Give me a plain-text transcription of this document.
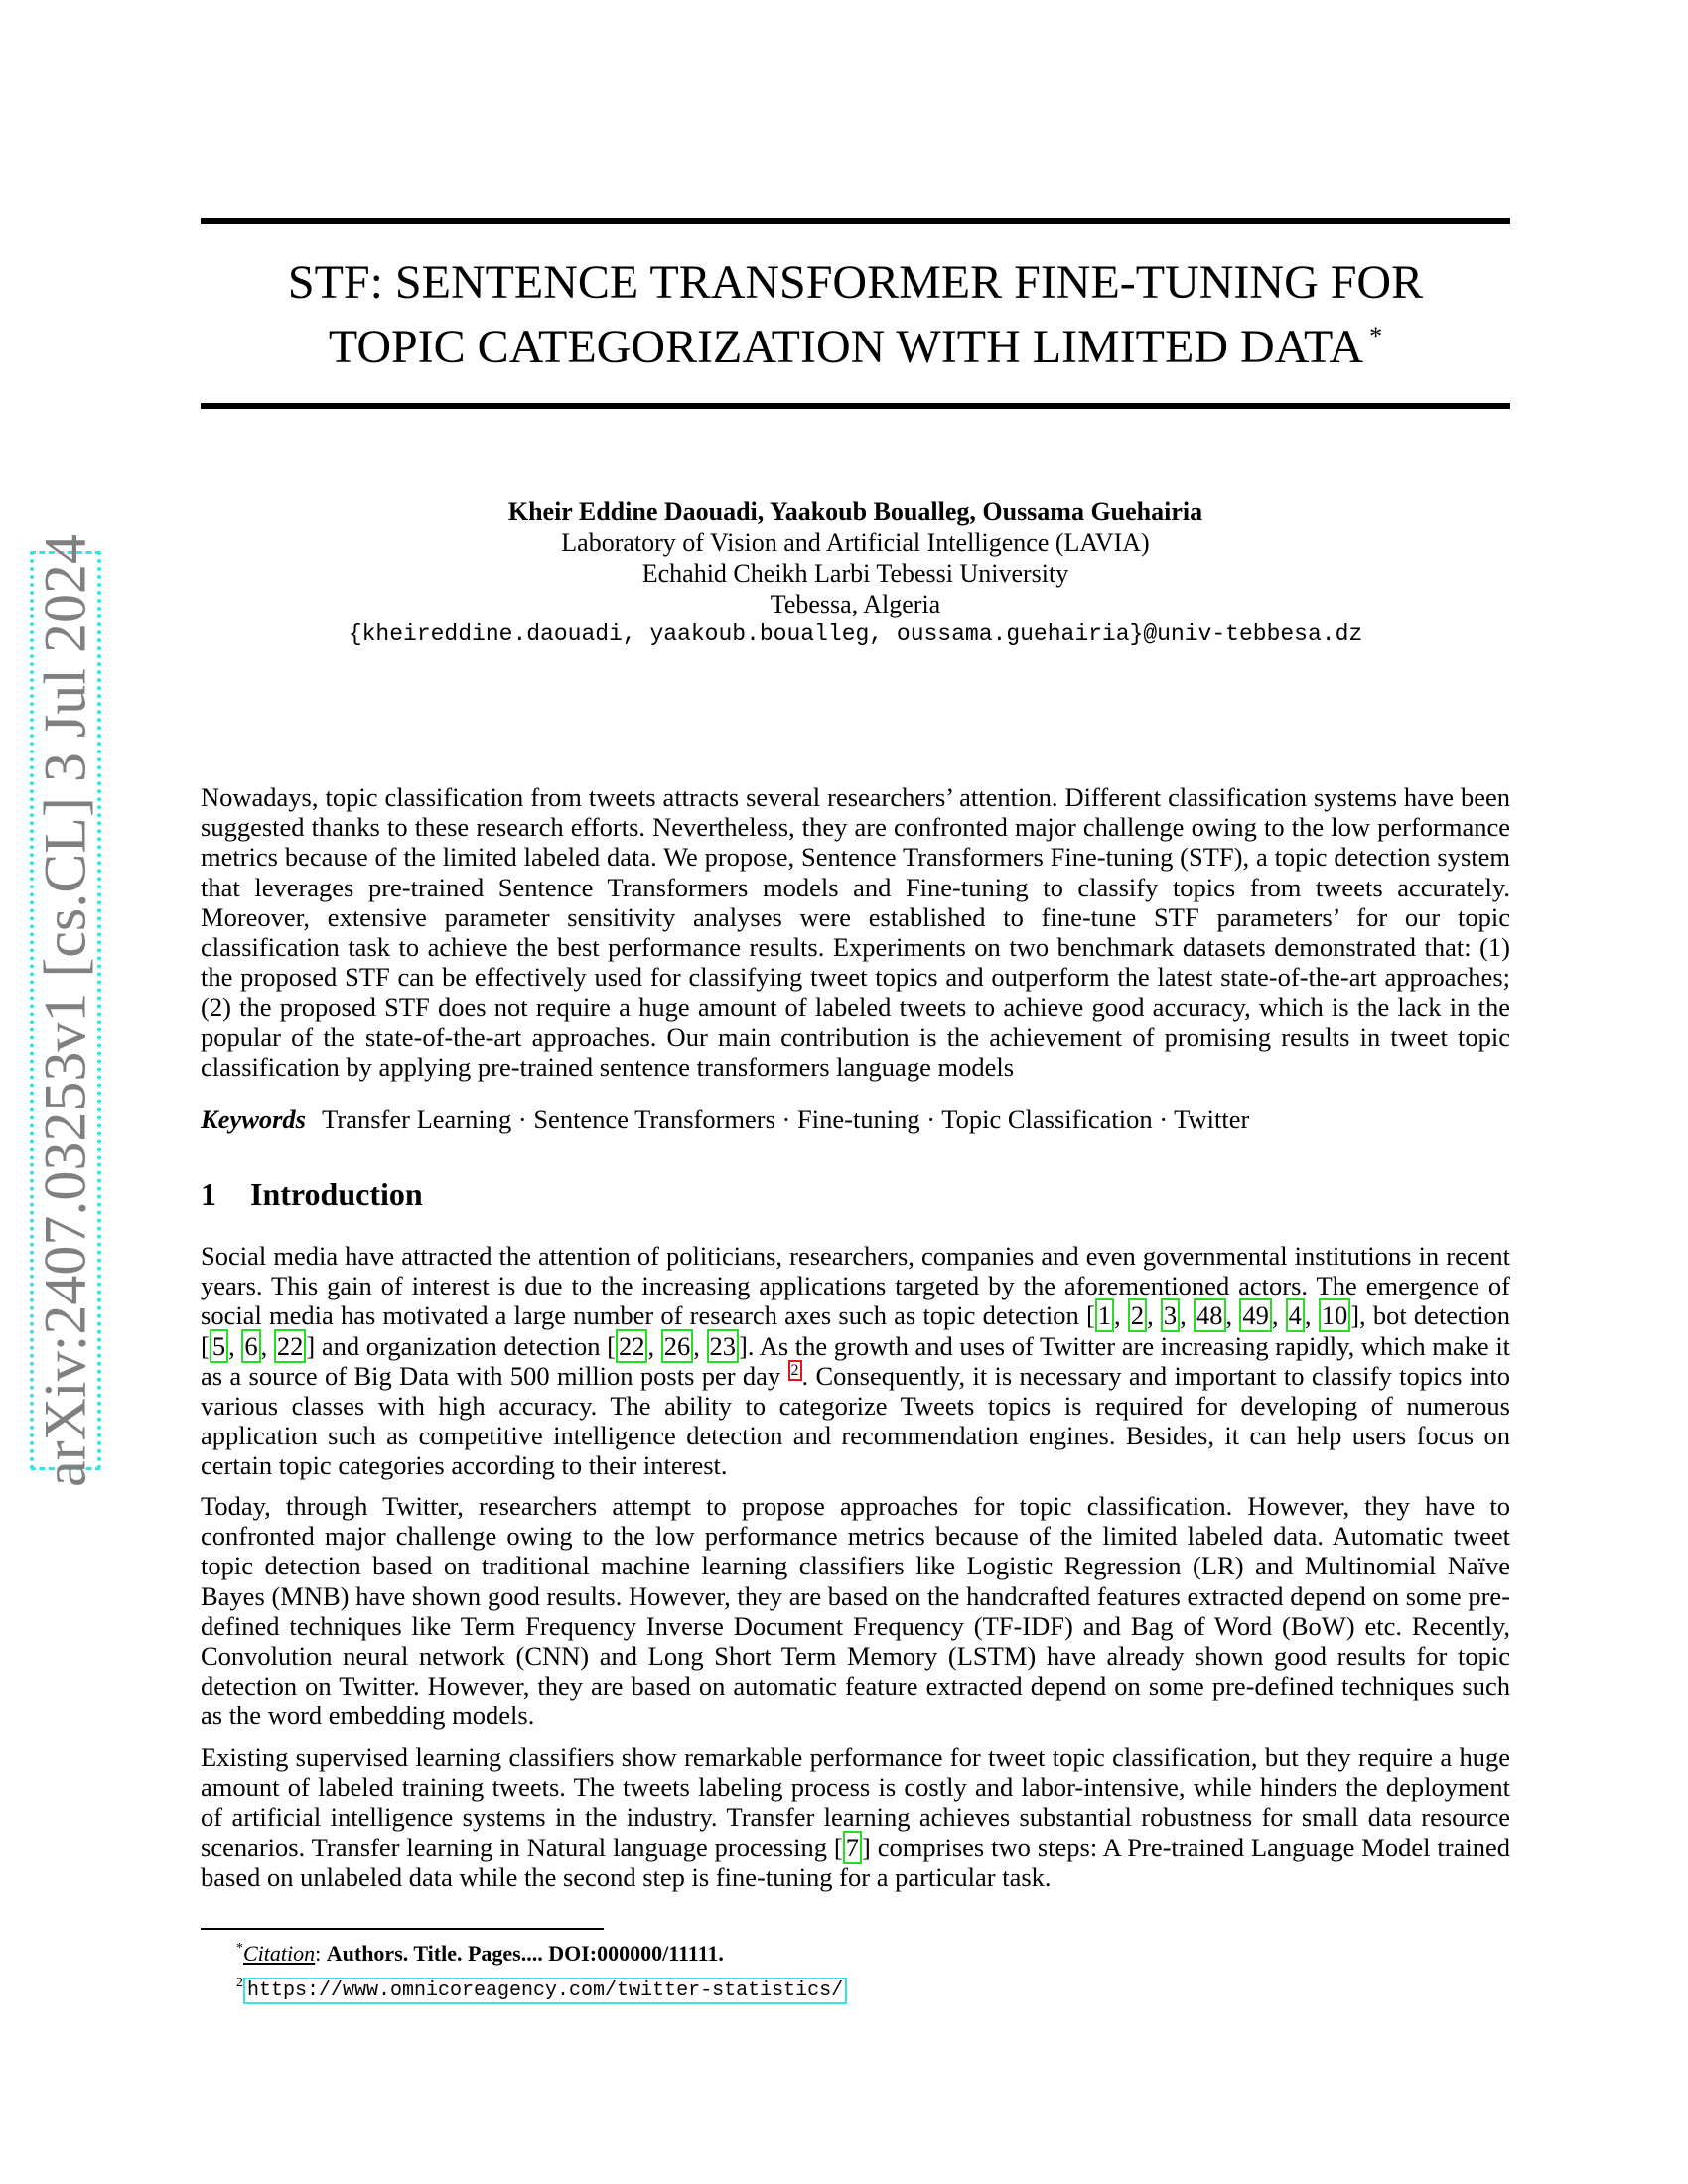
arXiv:2407.03253v1 [cs.CL] 3 Jul 2024
STF: SENTENCE TRANSFORMER FINE-TUNING FOR
TOPIC CATEGORIZATION WITH LIMITED DATA *
Kheir Eddine Daouadi, Yaakoub Boualleg, Oussama Guehairia
Laboratory of Vision and Artificial Intelligence (LAVIA)
Echahid Cheikh Larbi Tebessi University
Tebessa, Algeria
{kheireddine.daouadi, yaakoub.boualleg, oussama.guehairia}@univ-tebbesa.dz
Nowadays, topic classification from tweets attracts several researchers’ attention. Different classification systems have been suggested thanks to these research efforts. Nevertheless, they are confronted major challenge owing to the low performance metrics because of the limited labeled data. We propose, Sentence Transformers Fine-tuning (STF), a topic detection system that leverages pre-trained Sentence Transformers models and Fine-tuning to classify topics from tweets accurately. Moreover, extensive parameter sensitivity analyses were established to fine-tune STF parameters’ for our topic classification task to achieve the best performance results. Experiments on two benchmark datasets demonstrated that: (1) the proposed STF can be effectively used for classifying tweet topics and outperform the latest state-of-the-art approaches; (2) the proposed STF does not require a huge amount of labeled tweets to achieve good accuracy, which is the lack in the popular of the state-of-the-art approaches. Our main contribution is the achievement of promising results in tweet topic classification by applying pre-trained sentence transformers language models
Keywords Transfer Learning · Sentence Transformers · Fine-tuning · Topic Classification · Twitter
1 Introduction
Social media have attracted the attention of politicians, researchers, companies and even governmental institutions in recent years. This gain of interest is due to the increasing applications targeted by the aforementioned actors. The emergence of social media has motivated a large number of research axes such as topic detection [ 1 , 2 , 3 , 48 , 49 , 4 , 10 ], bot detection [ 5 , 6 , 22 ] and organization detection [ 22 , 26 , 23 ]. As the growth and uses of Twitter are increasing rapidly, which make it as a source of Big Data with 500 million posts per day $^2$ . Consequently, it is necessary and important to classify topics into various classes with high accuracy. The ability to categorize Tweets topics is required for developing of numerous application such as competitive intelligence detection and recommendation engines. Besides, it can help users focus on certain topic categories according to their interest.
Today, through Twitter, researchers attempt to propose approaches for topic classification. However, they have to confronted major challenge owing to the low performance metrics because of the limited labeled data. Automatic tweet topic detection based on traditional machine learning classifiers like Logistic Regression (LR) and Multinomial Naïve Bayes (MNB) have shown good results. However, they are based on the handcrafted features extracted depend on some pre-defined techniques like Term Frequency Inverse Document Frequency (TF-IDF) and Bag of Word (BoW) etc. Recently, Convolution neural network (CNN) and Long Short Term Memory (LSTM) have already shown good results for topic detection on Twitter. However, they are based on automatic feature extracted depend on some pre-defined techniques such as the word embedding models.
Existing supervised learning classifiers show remarkable performance for tweet topic classification, but they require a huge amount of labeled training tweets. The tweets labeling process is costly and labor-intensive, while hinders the deployment of artificial intelligence systems in the industry. Transfer learning achieves substantial robustness for small data resource scenarios. Transfer learning in Natural language processing [ 7 ] comprises two steps: A Pre-trained Language Model trained based on unlabeled data while the second step is fine-tuning for a particular task.
*Citation: Authors. Title. Pages.... DOI:000000/11111.
$^2$ https://www.omnicoreagency.com/twitter-statistics/
